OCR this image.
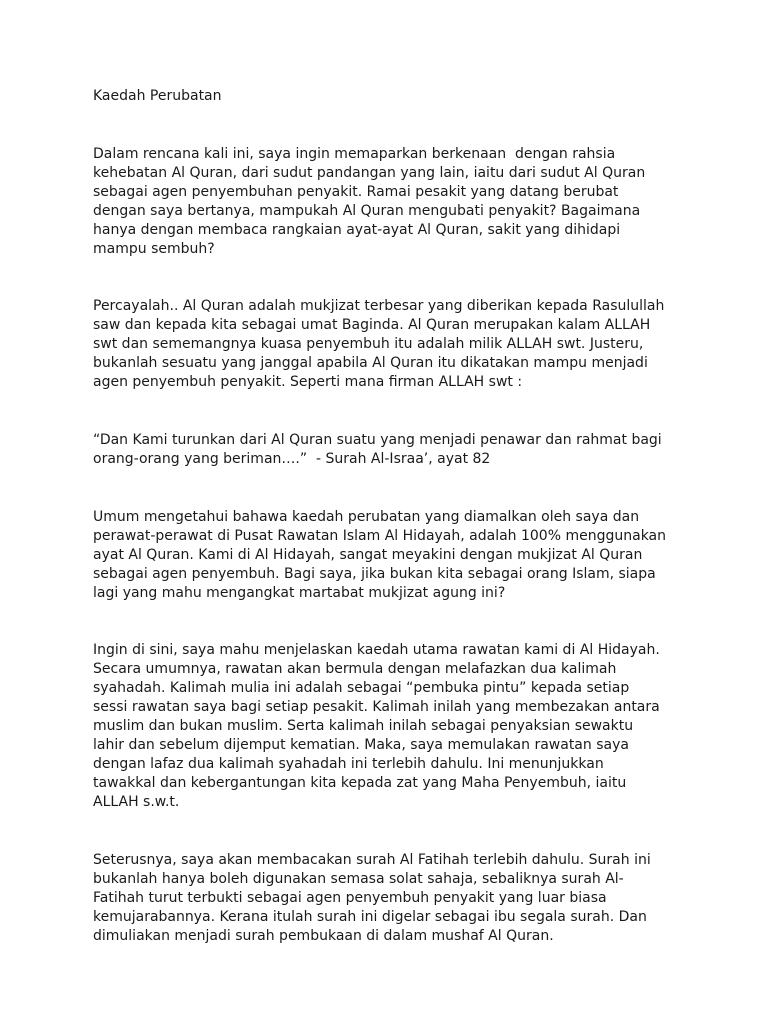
Kaedah Perubatan

Dalam rencana kali ini, saya ingin memaparkan berkenaan  dengan rahsia
kehebatan Al Quran, dari sudut pandangan yang lain, iaitu dari sudut Al Quran
sebagai agen penyembuhan penyakit. Ramai pesakit yang datang berubat
dengan saya bertanya, mampukah Al Quran mengubati penyakit? Bagaimana
hanya dengan membaca rangkaian ayat-ayat Al Quran, sakit yang dihidapi
mampu sembuh?

Percayalah.. Al Quran adalah mukjizat terbesar yang diberikan kepada Rasulullah
saw dan kepada kita sebagai umat Baginda. Al Quran merupakan kalam ALLAH
swt dan sememangnya kuasa penyembuh itu adalah milik ALLAH swt. Justeru,
bukanlah sesuatu yang janggal apabila Al Quran itu dikatakan mampu menjadi
agen penyembuh penyakit. Seperti mana firman ALLAH swt :

“Dan Kami turunkan dari Al Quran suatu yang menjadi penawar dan rahmat bagi
orang-orang yang beriman….”  - Surah Al-Israa’, ayat 82

Umum mengetahui bahawa kaedah perubatan yang diamalkan oleh saya dan
perawat-perawat di Pusat Rawatan Islam Al Hidayah, adalah 100% menggunakan
ayat Al Quran. Kami di Al Hidayah, sangat meyakini dengan mukjizat Al Quran
sebagai agen penyembuh. Bagi saya, jika bukan kita sebagai orang Islam, siapa
lagi yang mahu mengangkat martabat mukjizat agung ini?

Ingin di sini, saya mahu menjelaskan kaedah utama rawatan kami di Al Hidayah.
Secara umumnya, rawatan akan bermula dengan melafazkan dua kalimah
syahadah. Kalimah mulia ini adalah sebagai “pembuka pintu” kepada setiap
sessi rawatan saya bagi setiap pesakit. Kalimah inilah yang membezakan antara
muslim dan bukan muslim. Serta kalimah inilah sebagai penyaksian sewaktu
lahir dan sebelum dijemput kematian. Maka, saya memulakan rawatan saya
dengan lafaz dua kalimah syahadah ini terlebih dahulu. Ini menunjukkan
tawakkal dan kebergantungan kita kepada zat yang Maha Penyembuh, iaitu
ALLAH s.w.t.

Seterusnya, saya akan membacakan surah Al Fatihah terlebih dahulu. Surah ini
bukanlah hanya boleh digunakan semasa solat sahaja, sebaliknya surah Al-
Fatihah turut terbukti sebagai agen penyembuh penyakit yang luar biasa
kemujarabannya. Kerana itulah surah ini digelar sebagai ibu segala surah. Dan
dimuliakan menjadi surah pembukaan di dalam mushaf Al Quran.
